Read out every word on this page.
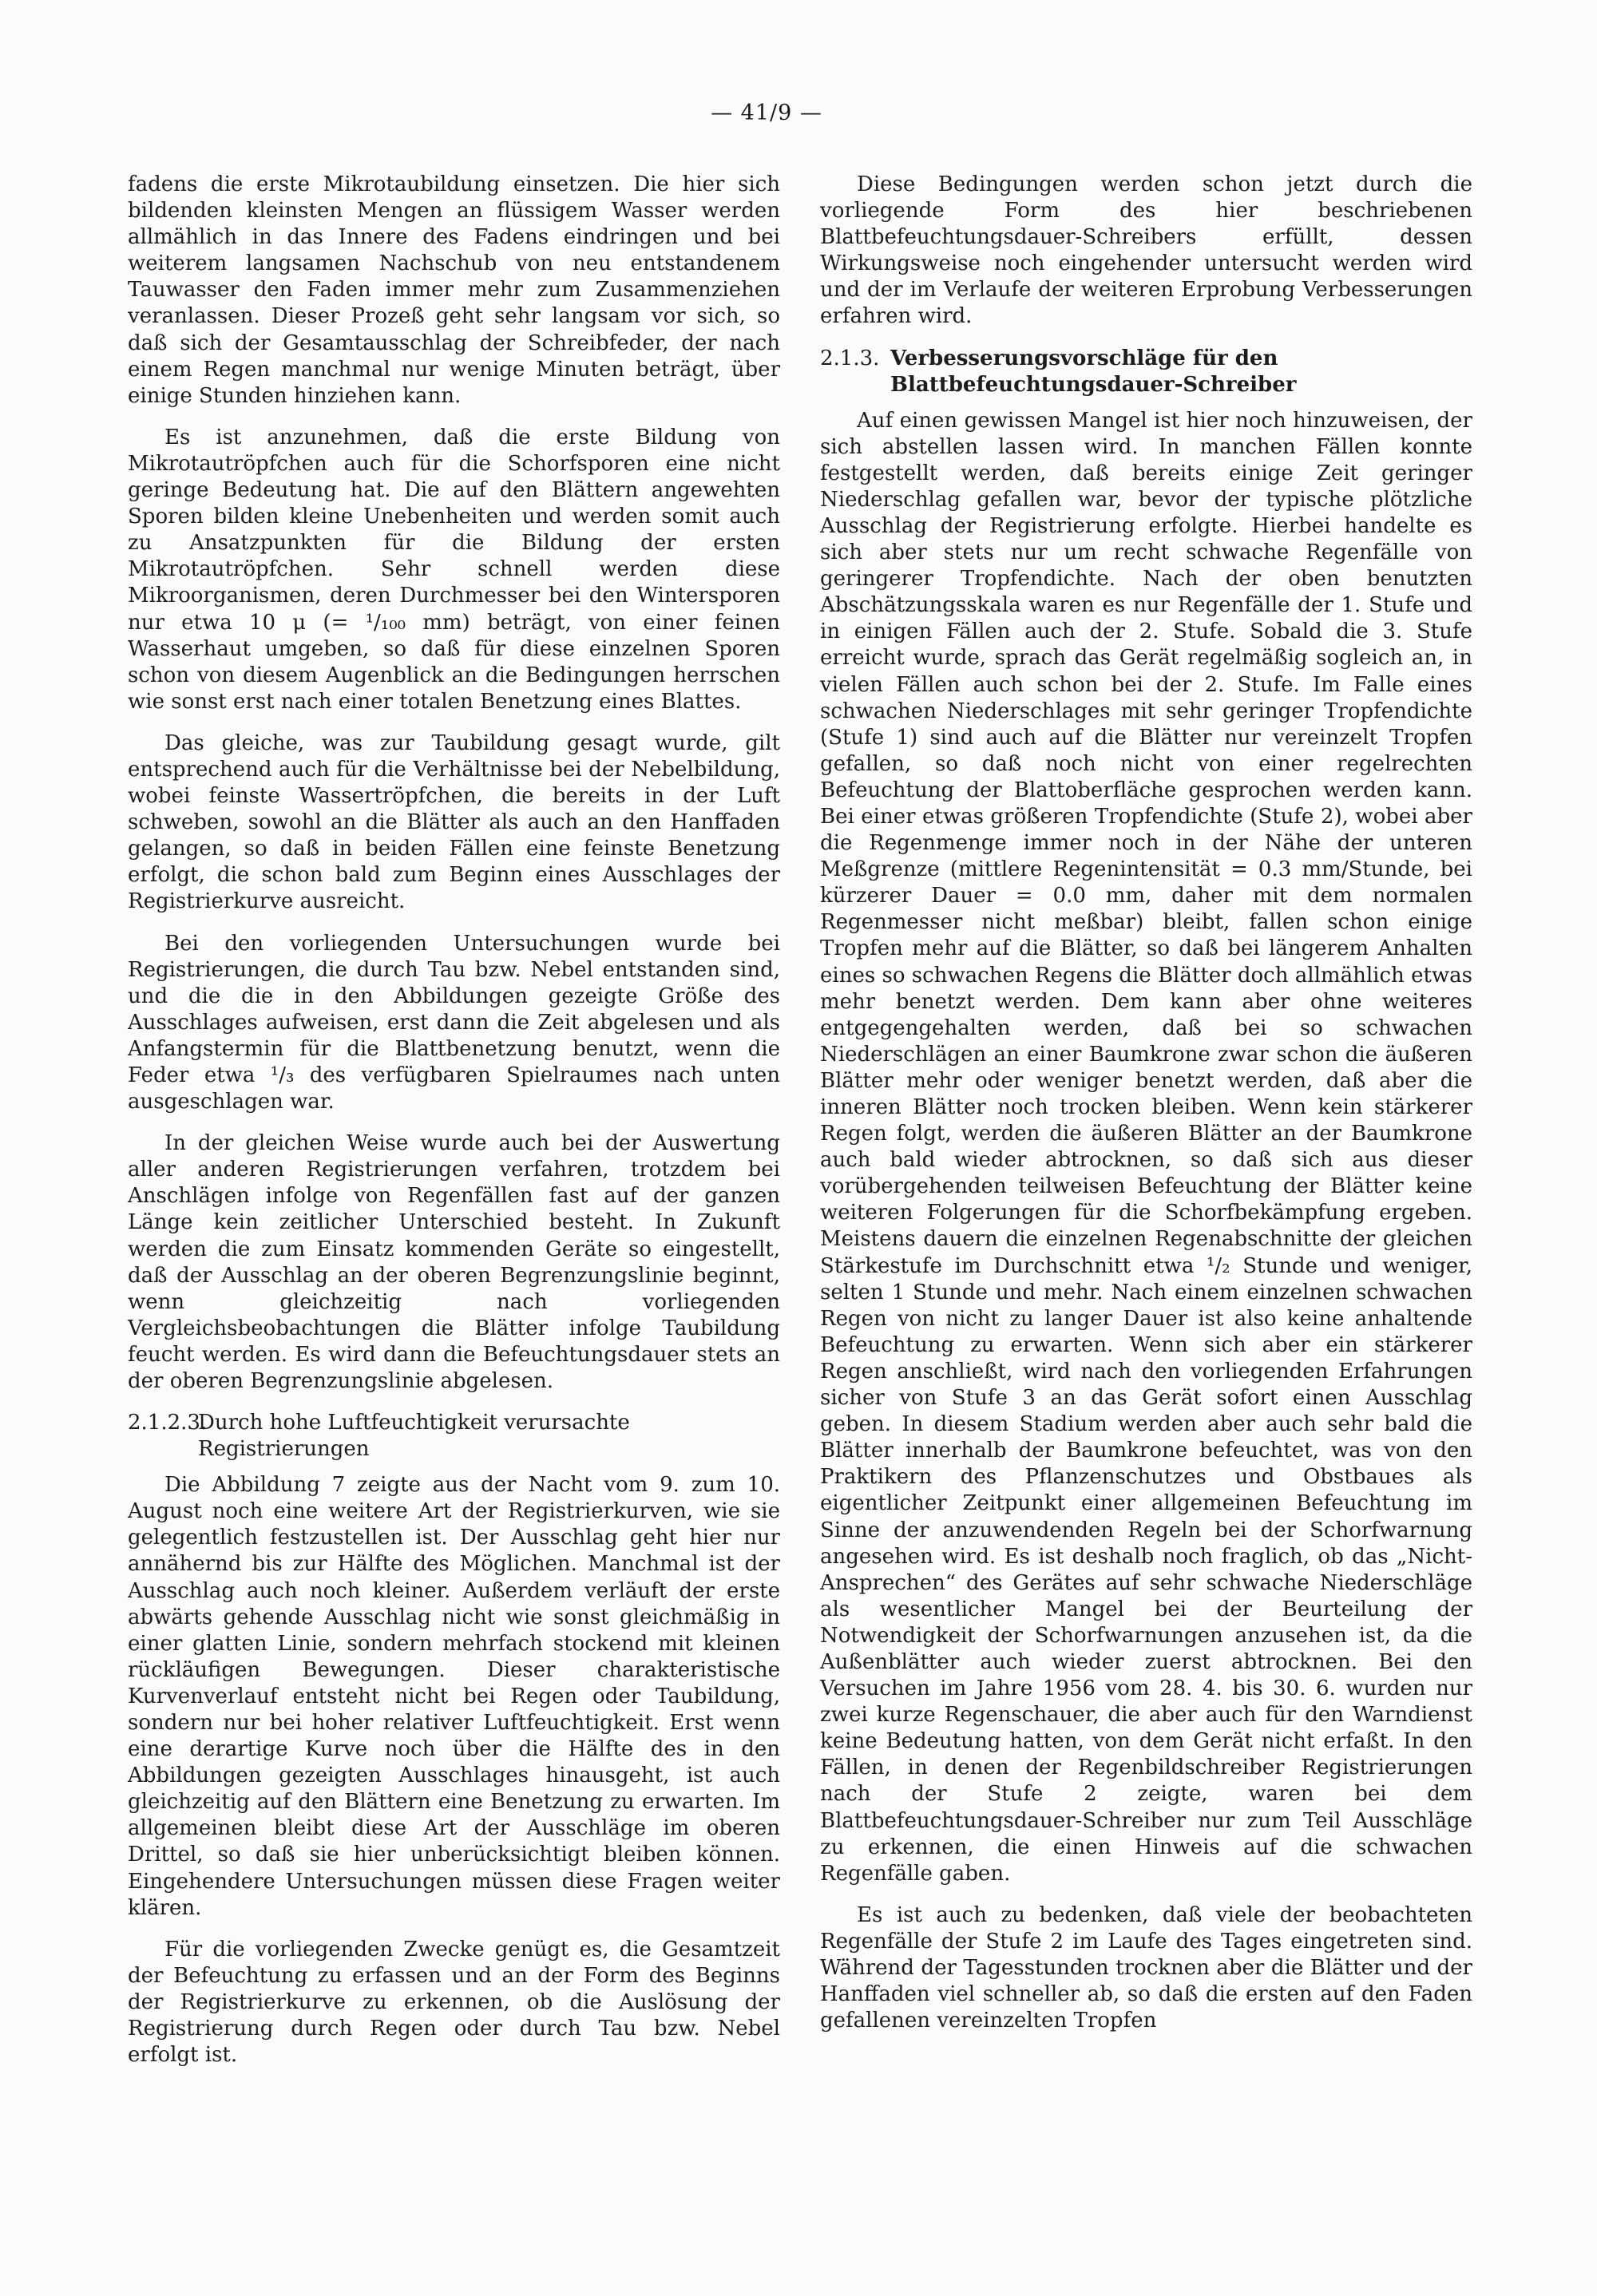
— 41/9 —

fadens die erste Mikrotaubildung einsetzen. Die hier sich bildenden kleinsten Mengen an flüssigem Wasser werden allmählich in das Innere des Fadens eindringen und bei weiterem langsamen Nachschub von neu entstandenem Tauwasser den Faden immer mehr zum Zusammenziehen veranlassen. Dieser Prozeß geht sehr langsam vor sich, so daß sich der Gesamtausschlag der Schreibfeder, der nach einem Regen manchmal nur wenige Minuten beträgt, über einige Stunden hinziehen kann.

Es ist anzunehmen, daß die erste Bildung von Mikrotautröpfchen auch für die Schorfsporen eine nicht geringe Bedeutung hat. Die auf den Blättern angewehten Sporen bilden kleine Unebenheiten und werden somit auch zu Ansatzpunkten für die Bildung der ersten Mikrotautröpfchen. Sehr schnell werden diese Mikroorganismen, deren Durchmesser bei den Wintersporen nur etwa 10 μ (= ¹/₁₀₀ mm) beträgt, von einer feinen Wasserhaut umgeben, so daß für diese einzelnen Sporen schon von diesem Augenblick an die Bedingungen herrschen wie sonst erst nach einer totalen Benetzung eines Blattes.

Das gleiche, was zur Taubildung gesagt wurde, gilt entsprechend auch für die Verhältnisse bei der Nebelbildung, wobei feinste Wassertröpfchen, die bereits in der Luft schweben, sowohl an die Blätter als auch an den Hanffaden gelangen, so daß in beiden Fällen eine feinste Benetzung erfolgt, die schon bald zum Beginn eines Ausschlages der Registrierkurve ausreicht.

Bei den vorliegenden Untersuchungen wurde bei Registrierungen, die durch Tau bzw. Nebel entstanden sind, und die die in den Abbildungen gezeigte Größe des Ausschlages aufweisen, erst dann die Zeit abgelesen und als Anfangstermin für die Blattbenetzung benutzt, wenn die Feder etwa ¹/₃ des verfügbaren Spielraumes nach unten ausgeschlagen war.

In der gleichen Weise wurde auch bei der Auswertung aller anderen Registrierungen verfahren, trotzdem bei Anschlägen infolge von Regenfällen fast auf der ganzen Länge kein zeitlicher Unterschied besteht. In Zukunft werden die zum Einsatz kommenden Geräte so eingestellt, daß der Ausschlag an der oberen Begrenzungslinie beginnt, wenn gleichzeitig nach vorliegenden Vergleichsbeobachtungen die Blätter infolge Taubildung feucht werden. Es wird dann die Befeuchtungsdauer stets an der oberen Begrenzungslinie abgelesen.

2.1.2.3.Durch hohe Luftfeuchtigkeit verursachte Registrierungen

Die Abbildung 7 zeigte aus der Nacht vom 9. zum 10. August noch eine weitere Art der Registrierkurven, wie sie gelegentlich festzustellen ist. Der Ausschlag geht hier nur annähernd bis zur Hälfte des Möglichen. Manchmal ist der Ausschlag auch noch kleiner. Außerdem verläuft der erste abwärts gehende Ausschlag nicht wie sonst gleichmäßig in einer glatten Linie, sondern mehrfach stockend mit kleinen rückläufigen Bewegungen. Dieser charakteristische Kurvenverlauf entsteht nicht bei Regen oder Taubildung, sondern nur bei hoher relativer Luftfeuchtigkeit. Erst wenn eine derartige Kurve noch über die Hälfte des in den Abbildungen gezeigten Ausschlages hinausgeht, ist auch gleichzeitig auf den Blättern eine Benetzung zu erwarten. Im allgemeinen bleibt diese Art der Ausschläge im oberen Drittel, so daß sie hier unberücksichtigt bleiben können. Eingehendere Untersuchungen müssen diese Fragen weiter klären.

Für die vorliegenden Zwecke genügt es, die Gesamtzeit der Befeuchtung zu erfassen und an der Form des Beginns der Registrierkurve zu erkennen, ob die Auslösung der Registrierung durch Regen oder durch Tau bzw. Nebel erfolgt ist.

Diese Bedingungen werden schon jetzt durch die vorliegende Form des hier beschriebenen Blattbefeuchtungsdauer-Schreibers erfüllt, dessen Wirkungsweise noch eingehender untersucht werden wird und der im Verlaufe der weiteren Erprobung Verbesserungen erfahren wird.

2.1.3. Verbesserungsvorschläge für den Blattbefeuchtungsdauer-Schreiber

Auf einen gewissen Mangel ist hier noch hinzuweisen, der sich abstellen lassen wird. In manchen Fällen konnte festgestellt werden, daß bereits einige Zeit geringer Niederschlag gefallen war, bevor der typische plötzliche Ausschlag der Registrierung erfolgte. Hierbei handelte es sich aber stets nur um recht schwache Regenfälle von geringerer Tropfendichte. Nach der oben benutzten Abschätzungsskala waren es nur Regenfälle der 1. Stufe und in einigen Fällen auch der 2. Stufe. Sobald die 3. Stufe erreicht wurde, sprach das Gerät regelmäßig sogleich an, in vielen Fällen auch schon bei der 2. Stufe. Im Falle eines schwachen Niederschlages mit sehr geringer Tropfendichte (Stufe 1) sind auch auf die Blätter nur vereinzelt Tropfen gefallen, so daß noch nicht von einer regelrechten Befeuchtung der Blattoberfläche gesprochen werden kann. Bei einer etwas größeren Tropfendichte (Stufe 2), wobei aber die Regenmenge immer noch in der Nähe der unteren Meßgrenze (mittlere Regenintensität = 0.3 mm/Stunde, bei kürzerer Dauer = 0.0 mm, daher mit dem normalen Regenmesser nicht meßbar) bleibt, fallen schon einige Tropfen mehr auf die Blätter, so daß bei längerem Anhalten eines so schwachen Regens die Blätter doch allmählich etwas mehr benetzt werden. Dem kann aber ohne weiteres entgegengehalten werden, daß bei so schwachen Niederschlägen an einer Baumkrone zwar schon die äußeren Blätter mehr oder weniger benetzt werden, daß aber die inneren Blätter noch trocken bleiben. Wenn kein stärkerer Regen folgt, werden die äußeren Blätter an der Baumkrone auch bald wieder abtrocknen, so daß sich aus dieser vorübergehenden teilweisen Befeuchtung der Blätter keine weiteren Folgerungen für die Schorfbekämpfung ergeben. Meistens dauern die einzelnen Regenabschnitte der gleichen Stärkestufe im Durchschnitt etwa ¹/₂ Stunde und weniger, selten 1 Stunde und mehr. Nach einem einzelnen schwachen Regen von nicht zu langer Dauer ist also keine anhaltende Befeuchtung zu erwarten. Wenn sich aber ein stärkerer Regen anschließt, wird nach den vorliegenden Erfahrungen sicher von Stufe 3 an das Gerät sofort einen Ausschlag geben. In diesem Stadium werden aber auch sehr bald die Blätter innerhalb der Baumkrone befeuchtet, was von den Praktikern des Pflanzenschutzes und Obstbaues als eigentlicher Zeitpunkt einer allgemeinen Befeuchtung im Sinne der anzuwendenden Regeln bei der Schorfwarnung angesehen wird. Es ist deshalb noch fraglich, ob das „Nicht-Ansprechen“ des Gerätes auf sehr schwache Niederschläge als wesentlicher Mangel bei der Beurteilung der Notwendigkeit der Schorfwarnungen anzusehen ist, da die Außenblätter auch wieder zuerst abtrocknen. Bei den Versuchen im Jahre 1956 vom 28. 4. bis 30. 6. wurden nur zwei kurze Regenschauer, die aber auch für den Warndienst keine Bedeutung hatten, von dem Gerät nicht erfaßt. In den Fällen, in denen der Regenbildschreiber Registrierungen nach der Stufe 2 zeigte, waren bei dem Blattbefeuchtungsdauer-Schreiber nur zum Teil Ausschläge zu erkennen, die einen Hinweis auf die schwachen Regenfälle gaben.

Es ist auch zu bedenken, daß viele der beobachteten Regenfälle der Stufe 2 im Laufe des Tages eingetreten sind. Während der Tagesstunden trocknen aber die Blätter und der Hanffaden viel schneller ab, so daß die ersten auf den Faden gefallenen vereinzelten Tropfen
